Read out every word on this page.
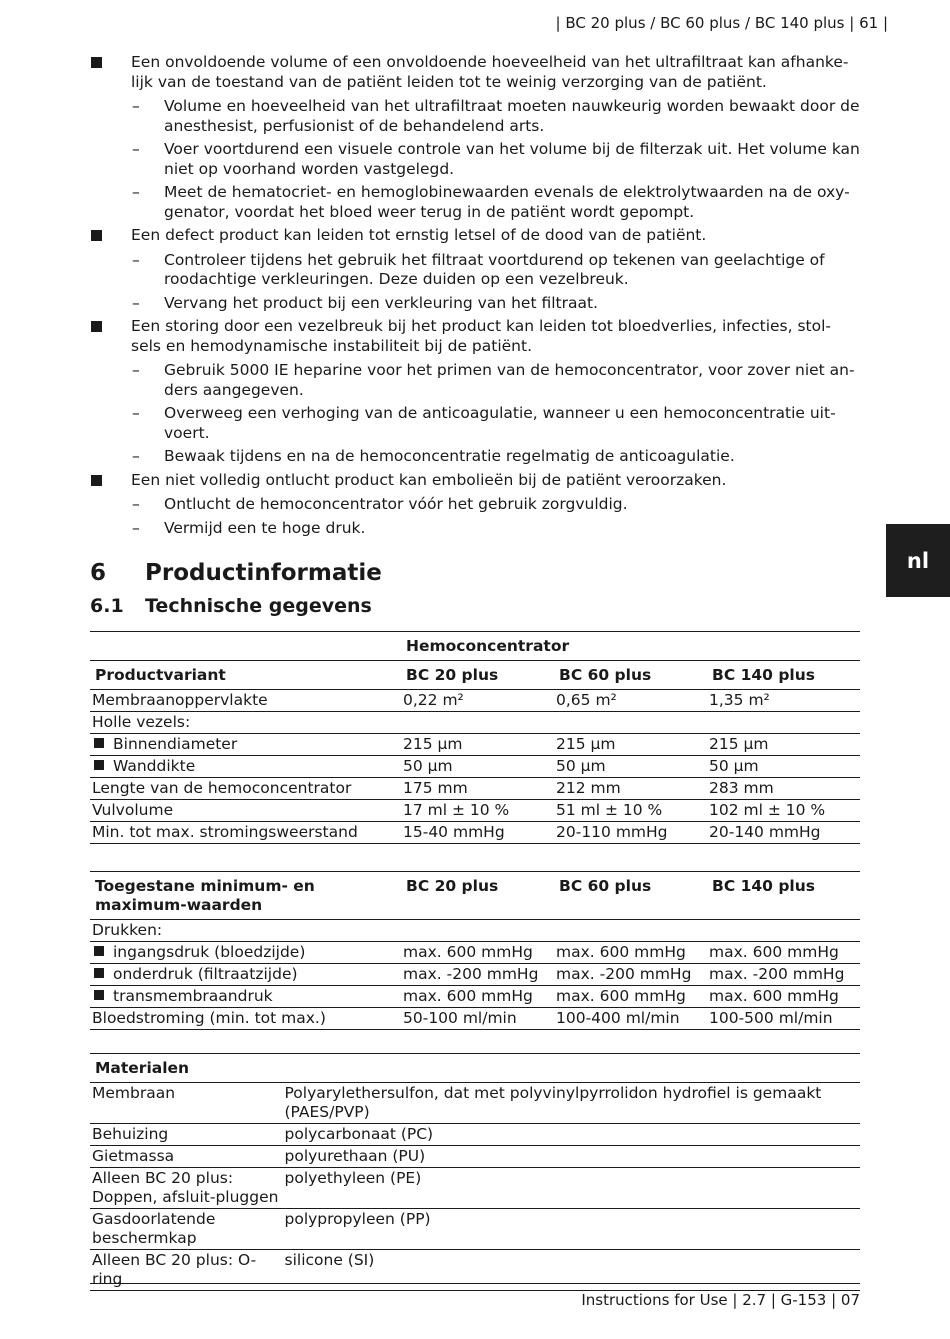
| BC 20 plus / BC 60 plus / BC 140 plus | 61 |
nl
Een onvoldoende volume of een onvoldoende hoeveelheid van het ultrafiltraat kan afhanke-lijk van de toestand van de patiënt leiden tot te weinig verzorging van de patiënt.
– Volume en hoeveelheid van het ultrafiltraat moeten nauwkeurig worden bewaakt door de anesthesist, perfusionist of de behandelend arts.
– Voer voortdurend een visuele controle van het volume bij de filterzak uit. Het volume kan niet op voorhand worden vastgelegd.
– Meet de hematocriet- en hemoglobinewaarden evenals de elektrolytwaarden na de oxy-genator, voordat het bloed weer terug in de patiënt wordt gepompt.
Een defect product kan leiden tot ernstig letsel of de dood van de patiënt.
– Controleer tijdens het gebruik het filtraat voortdurend op tekenen van geelachtige of roodachtige verkleuringen. Deze duiden op een vezelbreuk.
– Vervang het product bij een verkleuring van het filtraat.
Een storing door een vezelbreuk bij het product kan leiden tot bloedverlies, infecties, stol-sels en hemodynamische instabiliteit bij de patiënt.
– Gebruik 5000 IE heparine voor het primen van de hemoconcentrator, voor zover niet an-ders aangegeven.
– Overweeg een verhoging van de anticoagulatie, wanneer u een hemoconcentratie uit-voert.
– Bewaak tijdens en na de hemoconcentratie regelmatig de anticoagulatie.
Een niet volledig ontlucht product kan embolieën bij de patiënt veroorzaken.
– Ontlucht de hemoconcentrator vóór het gebruik zorgvuldig.
– Vermijd een te hoge druk.
6 Productinformatie
6.1 Technische gegevens
	Hemoconcentrator		
Productvariant	BC 20 plus	BC 60 plus	BC 140 plus
Membraanoppervlakte	0,22 m²	0,65 m²	1,35 m²
Holle vezels:			
Binnendiameter	215 µm	215 µm	215 µm
Wanddikte	50 µm	50 µm	50 µm
Lengte van de hemoconcentrator	175 mm	212 mm	283 mm
Vulvolume	17 ml ± 10 %	51 ml ± 10 %	102 ml ± 10 %
Min. tot max. stromingsweerstand	15-40 mmHg	20-110 mmHg	20-140 mmHg
Toegestane minimum- en maximum-waarden	BC 20 plus	BC 60 plus	BC 140 plus
Drukken:			
ingangsdruk (bloedzijde)	max. 600 mmHg	max. 600 mmHg	max. 600 mmHg
onderdruk (filtraatzijde)	max. -200 mmHg	max. -200 mmHg	max. -200 mmHg
transmembraandruk	max. 600 mmHg	max. 600 mmHg	max. 600 mmHg
Bloedstroming (min. tot max.)	50-100 ml/min	100-400 ml/min	100-500 ml/min
Materialen	
Membraan	Polyarylethersulfon, dat met polyvinylpyrrolidon hydrofiel is gemaakt (PAES/PVP)
Behuizing	polycarbonaat (PC)
Gietmassa	polyurethaan (PU)
Alleen BC 20 plus: Doppen, afsluit-pluggen	polyethyleen (PE)
Gasdoorlatende beschermkap	polypropyleen (PP)
Alleen BC 20 plus: O-ring	silicone (SI)
Instructions for Use | 2.7 | G-153 | 07
